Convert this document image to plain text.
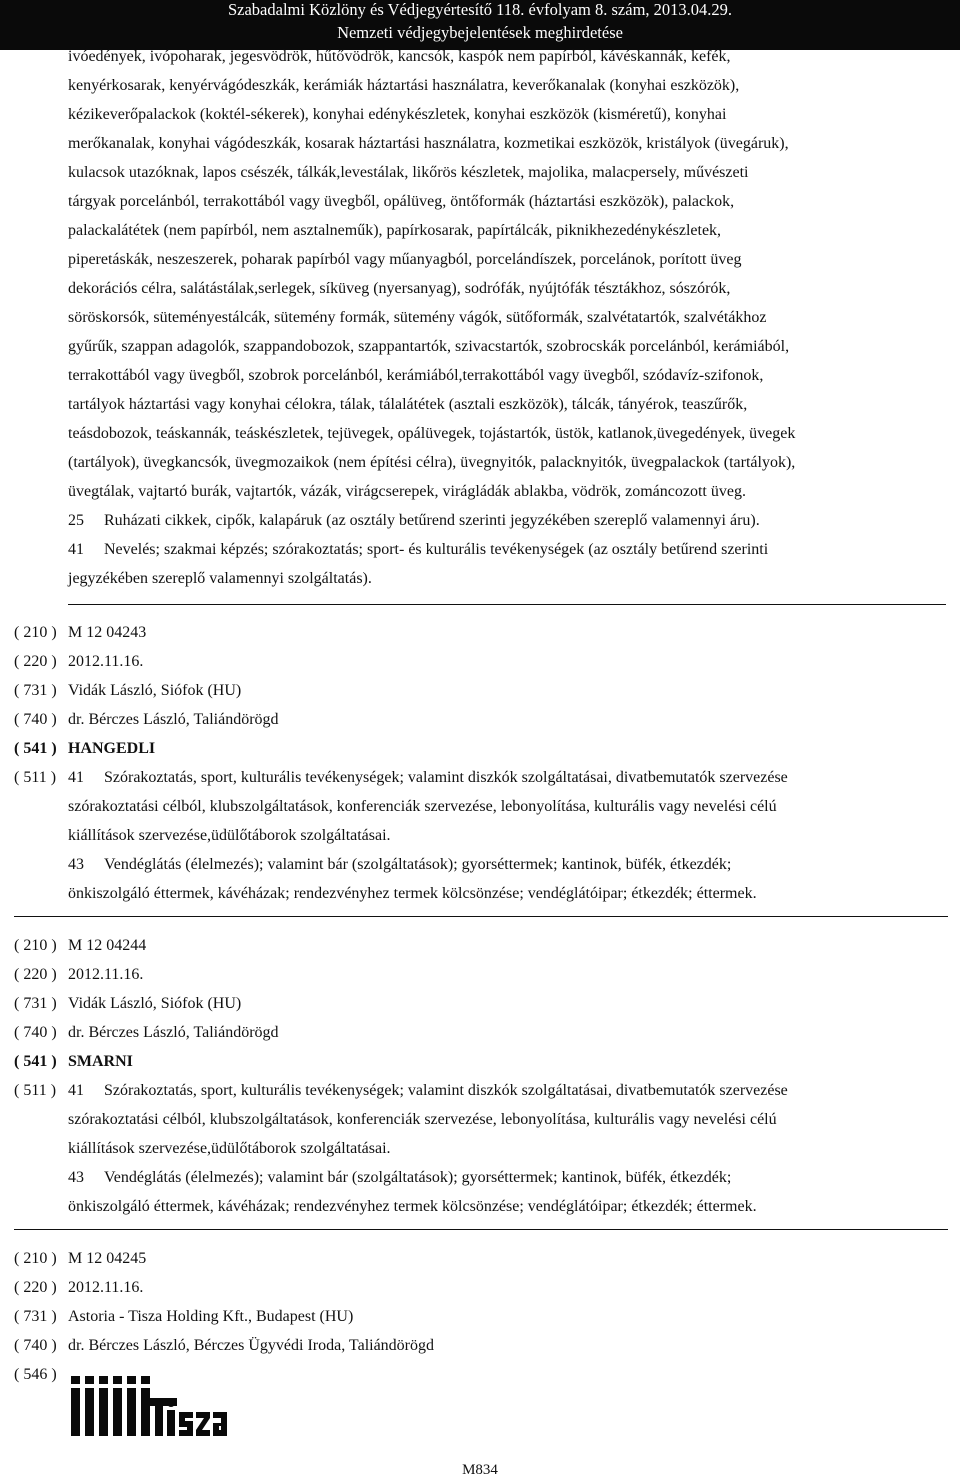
Szabadalmi Közlöny és Védjegyértesítő 118. évfolyam 8. szám, 2013.04.29.
Nemzeti védjegybejelentések meghirdetése
ivóedények, ivópoharak, jegesvödrök, hűtővödrök, kancsók, kaspók nem papírból, kávéskannák, kefék,
kenyérkosarak, kenyérvágódeszkák, kerámiák háztartási használatra, keverőkanalak (konyhai eszközök),
kézikeverőpalackok (koktél-sékerek), konyhai edénykészletek, konyhai eszközök (kisméretű), konyhai
merőkanalak, konyhai vágódeszkák, kosarak háztartási használatra, kozmetikai eszközök, kristályok (üvegáruk),
kulacsok utazóknak, lapos csészék, tálkák,levestálak, likőrös készletek, majolika, malacpersely, művészeti
tárgyak porcelánból, terrakottából vagy üvegből, opálüveg, öntőformák (háztartási eszközök), palackok,
palackalátétek (nem papírból, nem asztalneműk), papírkosarak, papírtálcák, piknikhezedénykészletek,
piperetáskák, neszeszerek, poharak papírból vagy műanyagból, porcelándíszek, porcelánok, porított üveg
dekorációs célra, salátástálak,serlegek, síküveg (nyersanyag), sodrófák, nyújtófák tésztákhoz, sószórók,
söröskorsók, süteményestálcák, sütemény formák, sütemény vágók, sütőformák, szalvétatartók, szalvétákhoz
gyűrűk, szappan adagolók, szappandobozok, szappantartók, szivacstartók, szobrocskák porcelánból, kerámiából,
terrakottából vagy üvegből, szobrok porcelánból, kerámiából,terrakottából vagy üvegből, szódavíz-szifonok,
tartályok háztartási vagy konyhai célokra, tálak, tálalátétek (asztali eszközök), tálcák, tányérok, teaszűrők,
teásdobozok, teáskannák, teáskészletek, tejüvegek, opálüvegek, tojástartók, üstök, katlanok,üvegedények, üvegek
(tartályok), üvegkancsók, üvegmozaikok (nem építési célra), üvegnyitók, palacknyitók, üvegpalackok (tartályok),
üvegtálak, vajtartó burák, vajtartók, vázák, virágcserepek, virágládák ablakba, vödrök, zománcozott üveg.
25 Ruházati cikkek, cipők, kalapáruk (az osztály betűrend szerinti jegyzékében szereplő valamennyi áru).
41 Nevelés; szakmai képzés; szórakoztatás; sport- és kulturális tevékenységek (az osztály betűrend szerinti
jegyzékében szereplő valamennyi szolgáltatás).
( 210 ) M 12 04243
( 220 ) 2012.11.16.
( 731 ) Vidák László, Siófok (HU)
( 740 ) dr. Bérczes László, Taliándörögd
( 541 ) HANGEDLI
( 511 ) 41 Szórakoztatás, sport, kulturális tevékenységek; valamint diszkók szolgáltatásai, divatbemutatók szervezése
szórakoztatási célból, klubszolgáltatások, konferenciák szervezése, lebonyolítása, kulturális vagy nevelési célú
kiállítások szervezése,üdülőtáborok szolgáltatásai.
43 Vendéglátás (élelmezés); valamint bár (szolgáltatások); gyorséttermek; kantinok, büfék, étkezdék;
önkiszolgáló éttermek, kávéházak; rendezvényhez termek kölcsönzése; vendéglátóipar; étkezdék; éttermek.
( 210 ) M 12 04244
( 220 ) 2012.11.16.
( 731 ) Vidák László, Siófok (HU)
( 740 ) dr. Bérczes László, Taliándörögd
( 541 ) SMARNI
( 511 ) 41 Szórakoztatás, sport, kulturális tevékenységek; valamint diszkók szolgáltatásai, divatbemutatók szervezése
szórakoztatási célból, klubszolgáltatások, konferenciák szervezése, lebonyolítása, kulturális vagy nevelési célú
kiállítások szervezése,üdülőtáborok szolgáltatásai.
43 Vendéglátás (élelmezés); valamint bár (szolgáltatások); gyorséttermek; kantinok, büfék, étkezdék;
önkiszolgáló éttermek, kávéházak; rendezvényhez termek kölcsönzése; vendéglátóipar; étkezdék; éttermek.
( 210 ) M 12 04245
( 220 ) 2012.11.16.
( 731 ) Astoria - Tisza Holding Kft., Budapest (HU)
( 740 ) dr. Bérczes László, Bérczes Ügyvédi Iroda, Taliándörögd
( 546 )
M834
